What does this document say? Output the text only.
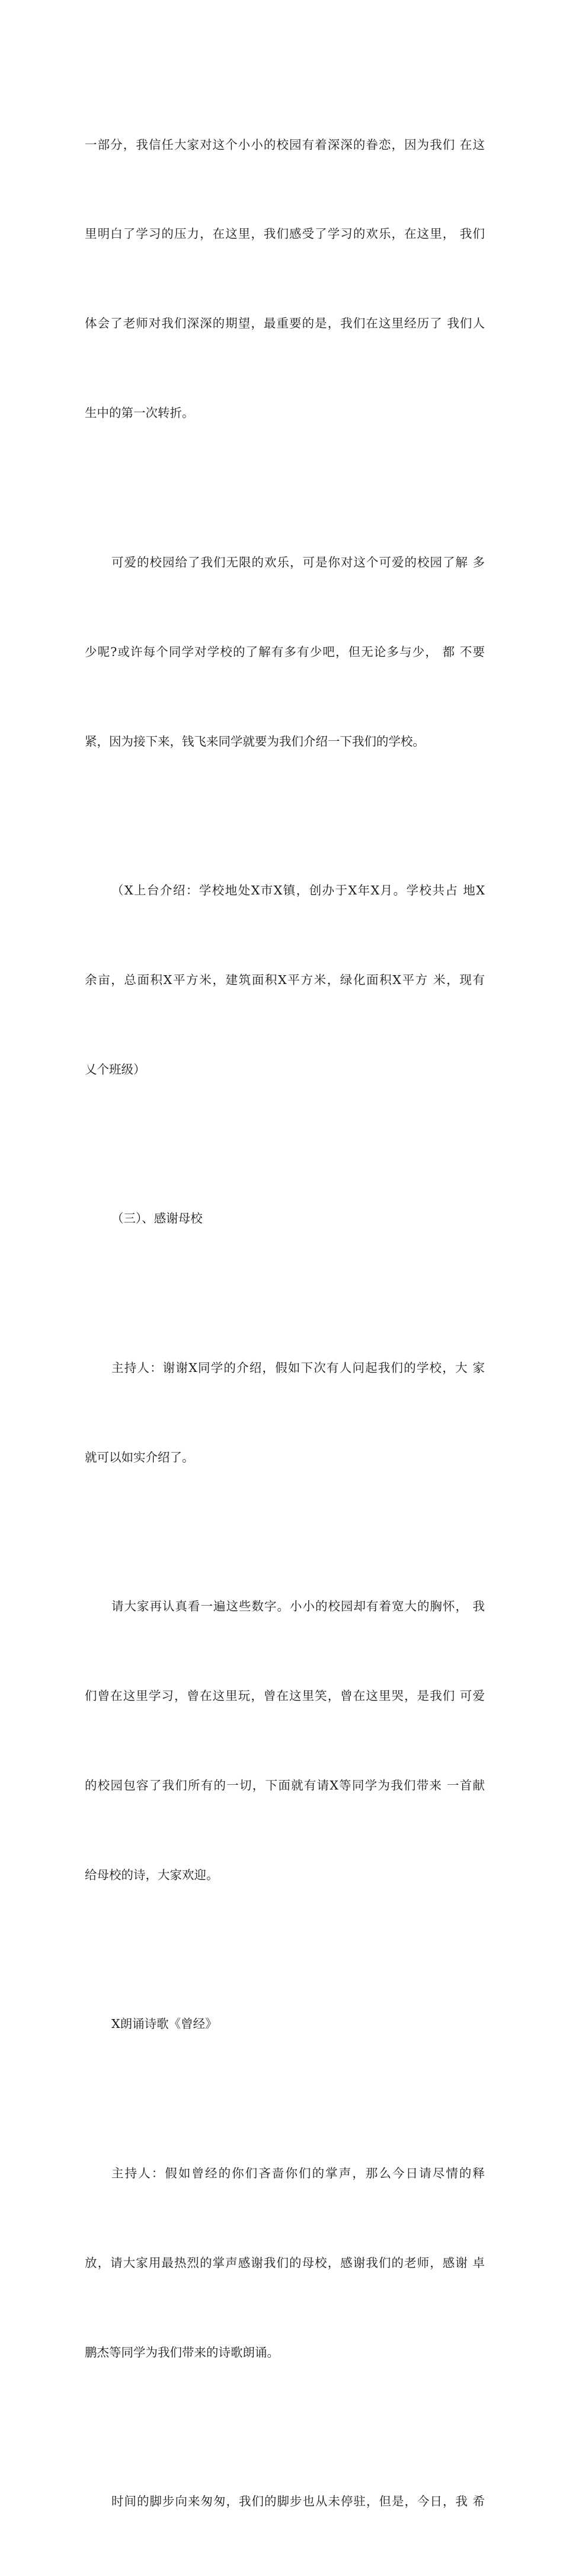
一部分，我信任大家对这个小小的校园有着深深的眷恋，因为我们 在这

里明白了学习的压力，在这里，我们感受了学习的欢乐，在这里， 我们

体会了老师对我们深深的期望，最重要的是，我们在这里经历了 我们人

生中的第一次转折。

可爱的校园给了我们无限的欢乐，可是你对这个可爱的校园了解 多

少呢?或许每个同学对学校的了解有多有少吧，但无论多与少， 都 不要

紧，因为接下来，钱飞来同学就要为我们介绍一下我们的学校。

（X上台介绍：学校地处X市X镇，创办于X年X月。学校共占 地X

余亩，总面积X平方米，建筑面积X平方米，绿化面积X平方 米，现有

乂个班级）

（三）、感谢母校

主持人：谢谢X同学的介绍，假如下次有人问起我们的学校，大 家

就可以如实介绍了。

请大家再认真看一遍这些数字。小小的校园却有着宽大的胸怀， 我

们曾在这里学习，曾在这里玩，曾在这里笑，曾在这里哭，是我们 可爱

的校园包容了我们所有的一切，下面就有请X等同学为我们带来 一首献

给母校的诗，大家欢迎。

X朗诵诗歌《曾经》

主持人：假如曾经的你们吝啬你们的掌声，那么今日请尽情的释

放，请大家用最热烈的掌声感谢我们的母校，感谢我们的老师，感谢 卓

鹏杰等同学为我们带来的诗歌朗诵。

时间的脚步向来匆匆，我们的脚步也从未停驻，但是，今日，我 希
